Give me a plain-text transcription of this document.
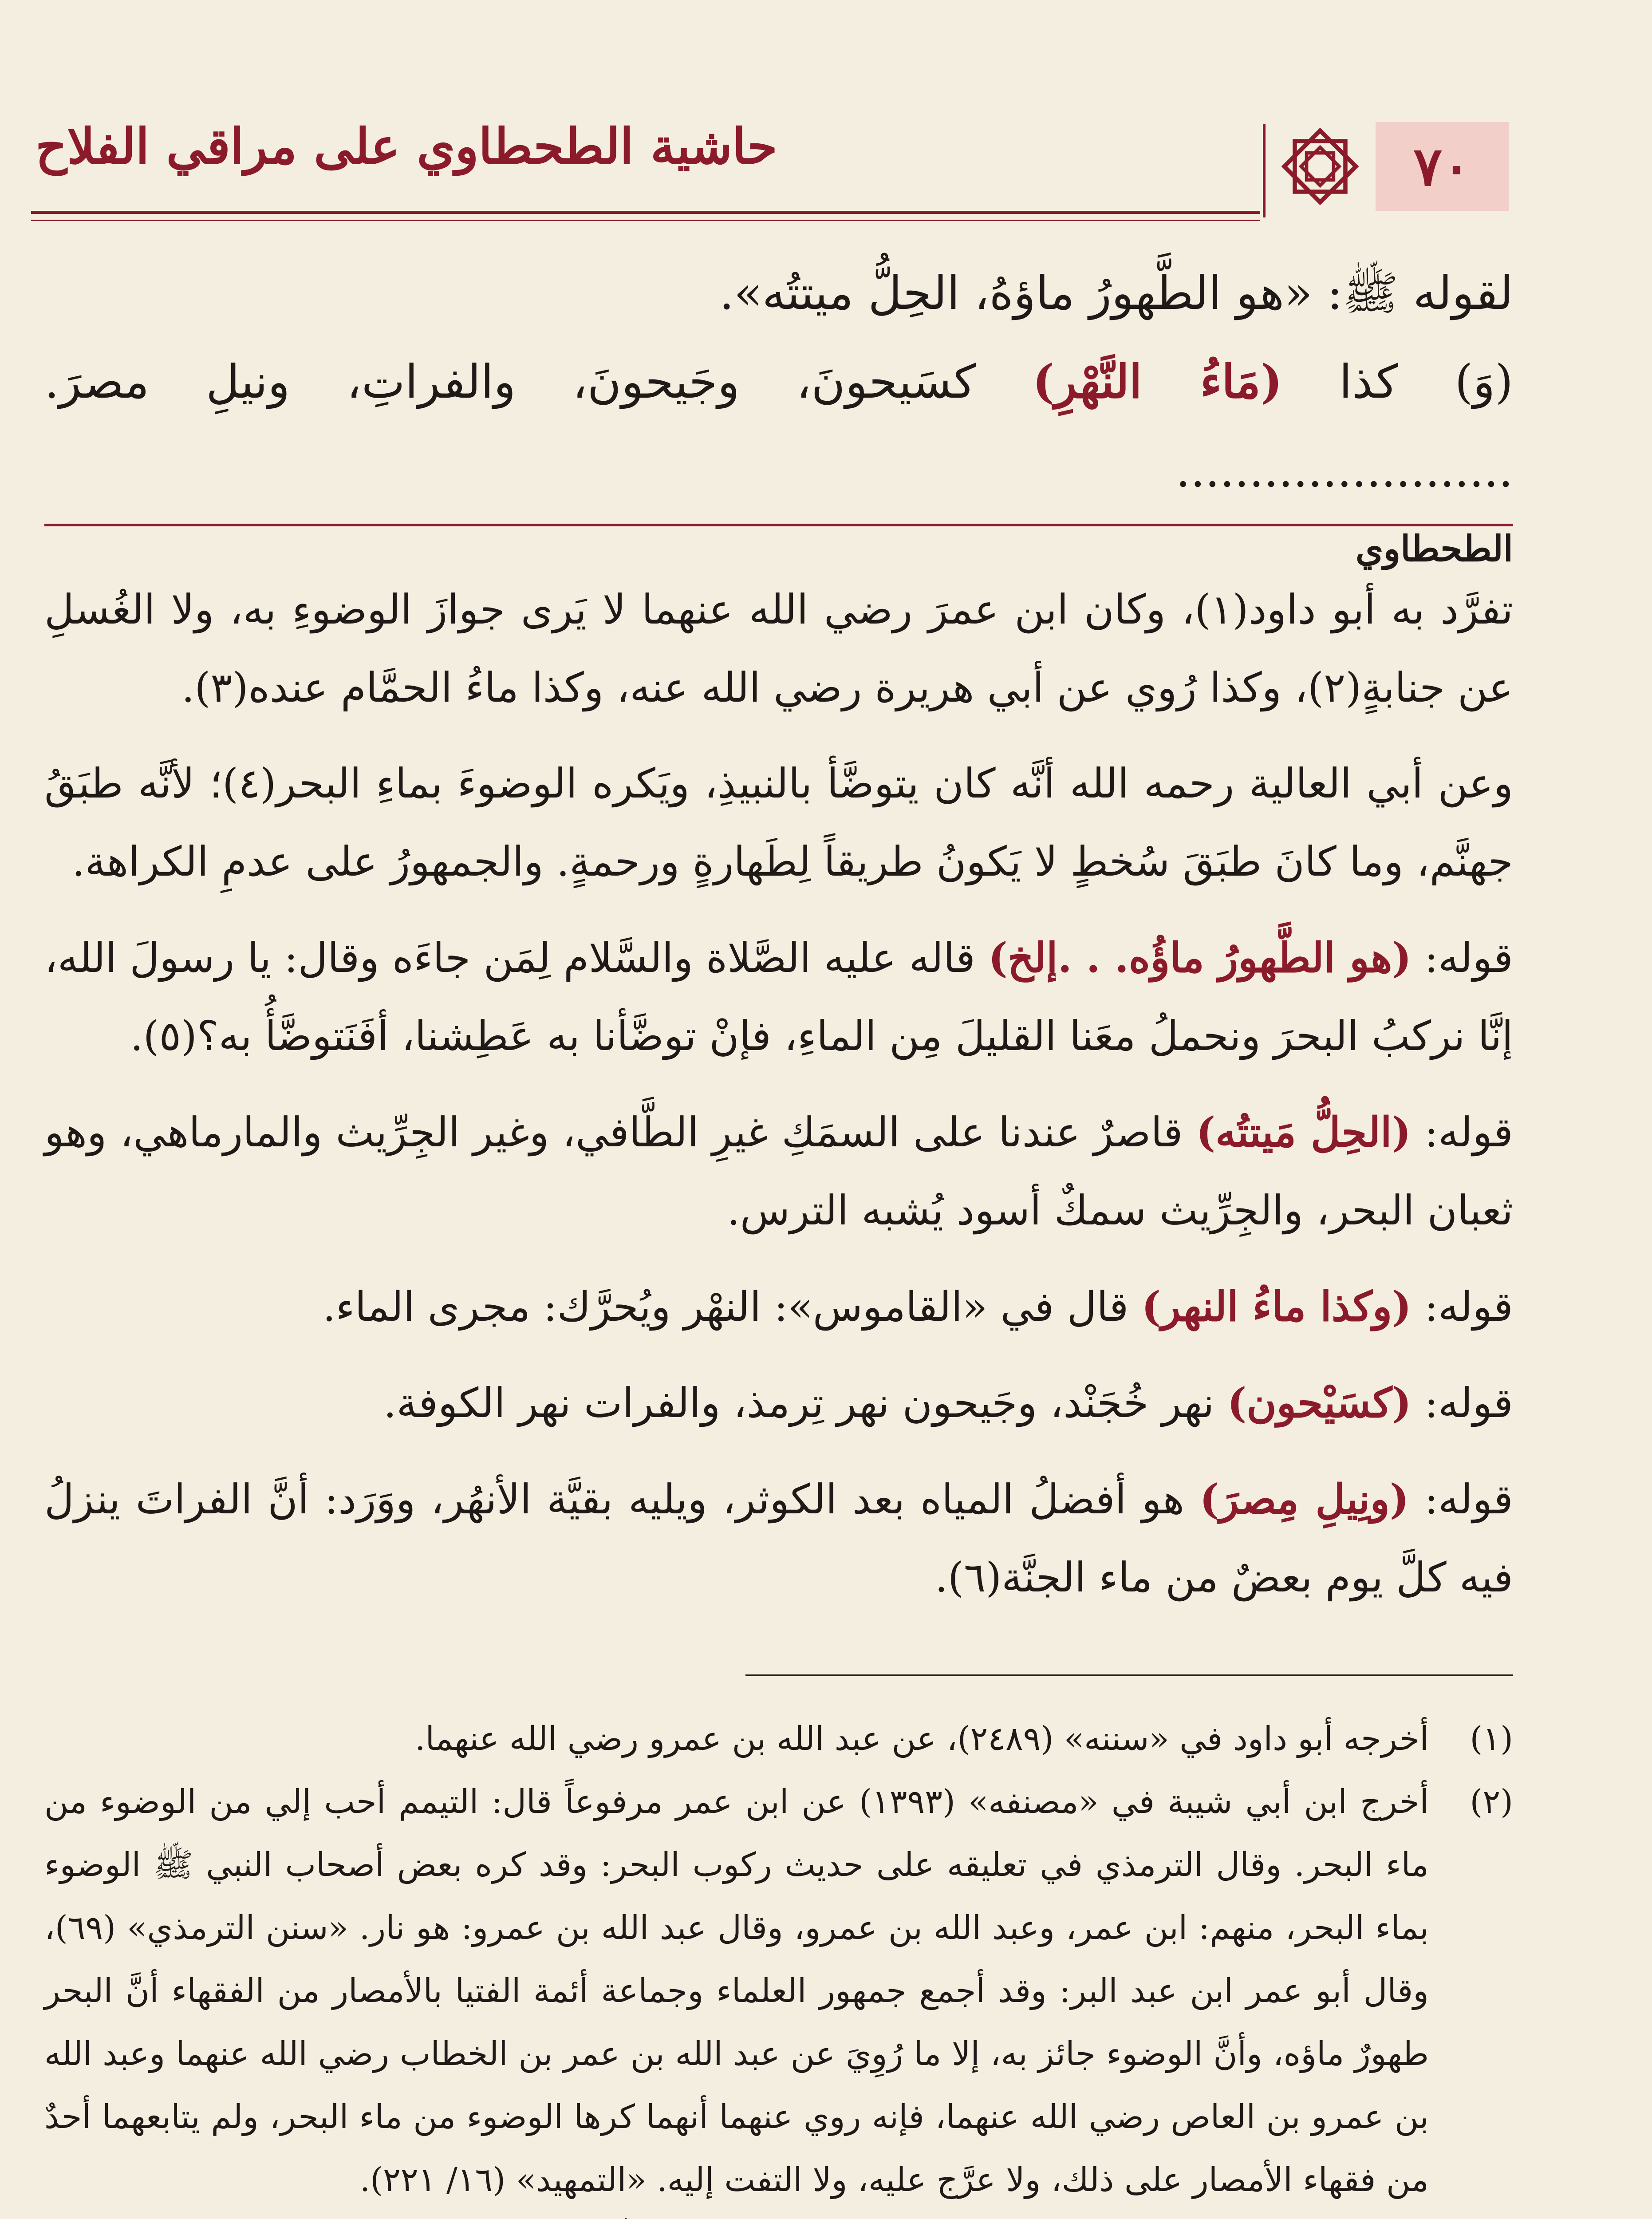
٧٠
حاشية الطحطاوي على مراقي الفلاح

لقوله ﷺ: «هو الطَّهورُ ماؤهُ، الحِلُّ ميتتُه».

(وَ) كذا (مَاءُ النَّهْرِ) كسَيحونَ، وجَيحونَ، والفراتِ، ونيلِ مصرَ. .......................

الطحطاوي

تفرَّد به أبو داود(١)، وكان ابن عمرَ رضي الله عنهما لا يَرى جوازَ الوضوءِ به، ولا الغُسلِ عن جنابةٍ(٢)، وكذا رُوي عن أبي هريرة رضي الله عنه، وكذا ماءُ الحمَّام عنده(٣).

وعن أبي العالية رحمه الله أنَّه كان يتوضَّأ بالنبيذِ، ويَكره الوضوءَ بماءِ البحر(٤)؛ لأنَّه طبَقُ جهنَّم، وما كانَ طبَقَ سُخطٍ لا يَكونُ طريقاً لِطَهارةٍ ورحمةٍ. والجمهورُ على عدمِ الكراهة.

قوله: (هو الطَّهورُ ماؤُه. . .إلخ) قاله عليه الصَّلاة والسَّلام لِمَن جاءَه وقال: يا رسولَ الله، إنَّا نركبُ البحرَ ونحملُ معَنا القليلَ مِن الماءِ، فإنْ توضَّأنا به عَطِشنا، أفَنَتوضَّأُ به؟(٥).

قوله: (الحِلُّ مَيتتُه) قاصرٌ عندنا على السمَكِ غيرِ الطَّافي، وغير الجِرِّيث والمارماهي، وهو ثعبان البحر، والجِرِّيث سمكٌ أسود يُشبه الترس.

قوله: (وكذا ماءُ النهر) قال في «القاموس»: النهْر ويُحرَّك: مجرى الماء.

قوله: (كسَيْحون) نهر خُجَنْد، وجَيحون نهر تِرمذ، والفرات نهر الكوفة.

قوله: (ونِيلِ مِصرَ) هو أفضلُ المياه بعد الكوثر، ويليه بقيَّة الأنهُر، ووَرَد: أنَّ الفراتَ ينزلُ فيه كلَّ يوم بعضٌ من ماء الجنَّة(٦).

(١)
أخرجه أبو داود في «سننه» (٢٤٨٩)، عن عبد الله بن عمرو رضي الله عنهما.
(٢)
أخرج ابن أبي شيبة في «مصنفه» (١٣٩٣) عن ابن عمر مرفوعاً قال: التيمم أحب إلي من الوضوء من ماء البحر. وقال الترمذي في تعليقه على حديث ركوب البحر: وقد كره بعض أصحاب النبي ﷺ الوضوء بماء البحر، منهم: ابن عمر، وعبد الله بن عمرو، وقال عبد الله بن عمرو: هو نار. «سنن الترمذي» (٦٩)، وقال أبو عمر ابن عبد البر: وقد أجمع جمهور العلماء وجماعة أئمة الفتيا بالأمصار من الفقهاء أنَّ البحر طهورٌ ماؤه، وأنَّ الوضوء جائز به، إلا ما رُوِيَ عن عبد الله بن عمر بن الخطاب رضي الله عنهما وعبد الله بن عمرو بن العاص رضي الله عنهما، فإنه روي عنهما أنهما كرها الوضوء من ماء البحر، ولم يتابعهما أحدٌ من فقهاء الأمصار على ذلك، ولا عرَّج عليه، ولا التفت إليه. «التمهيد» (١٦/ ٢٢١).
